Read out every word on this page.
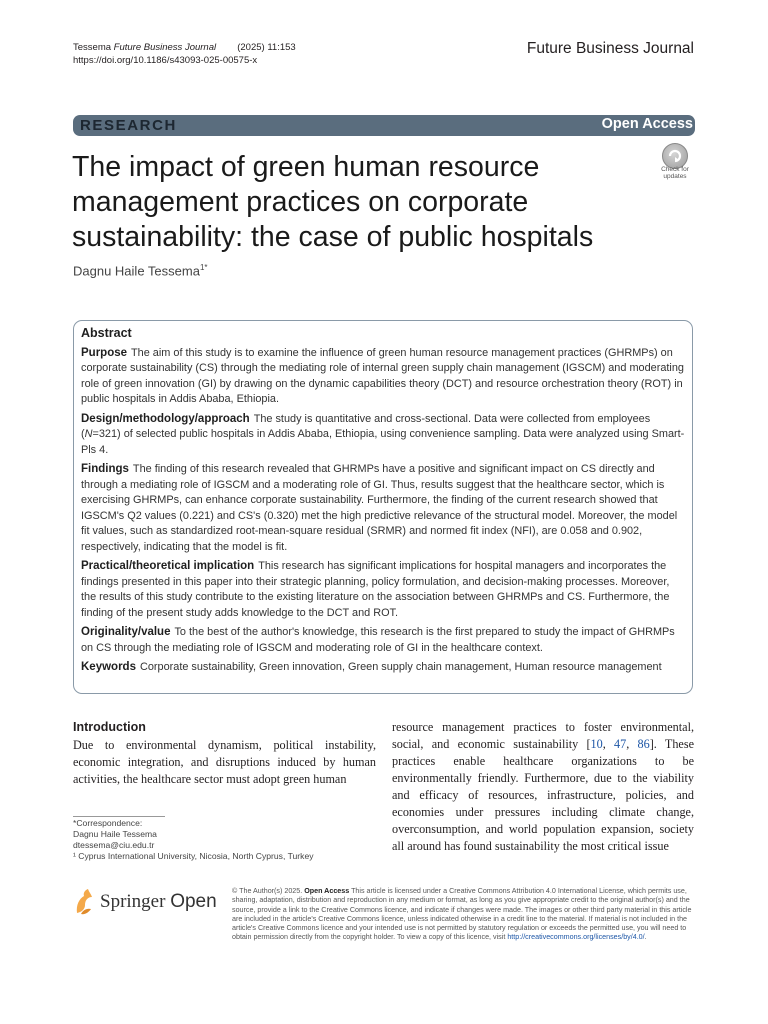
Tessema Future Business Journal (2025) 11:153
https://doi.org/10.1186/s43093-025-00575-x
Future Business Journal
RESEARCH	Open Access
Check for
updates
The impact of green human resource management practices on corporate sustainability: the case of public hospitals
Dagnu Haile Tessema$^{1*}$
Abstract

Purpose The aim of this study is to examine the influence of green human resource management practices (GHRMPs) on corporate sustainability (CS) through the mediating role of internal green supply chain management (IGSCM) and moderating role of green innovation (GI) by drawing on the dynamic capabilities theory (DCT) and resource orchestration theory (ROT) in public hospitals in Addis Ababa, Ethiopia.

Design/methodology/approach The study is quantitative and cross-sectional. Data were collected from employees (N=321) of selected public hospitals in Addis Ababa, Ethiopia, using convenience sampling. Data were analyzed using Smart-Pls 4.

Findings The finding of this research revealed that GHRMPs have a positive and significant impact on CS directly and through a mediating role of IGSCM and a moderating role of GI. Thus, results suggest that the healthcare sector, which is exercising GHRMPs, can enhance corporate sustainability. Furthermore, the finding of the current research showed that IGSCM's Q2 values (0.221) and CS's (0.320) met the high predictive relevance of the structural model. Moreover, the model fit values, such as standardized root-mean-square residual (SRMR) and normed fit index (NFI), are 0.058 and 0.902, respectively, indicating that the model is fit.

Practical/theoretical implication This research has significant implications for hospital managers and incorporates the findings presented in this paper into their strategic planning, policy formulation, and decision-making processes. Moreover, the results of this study contribute to the existing literature on the association between GHRMPs and CS. Furthermore, the finding of the present study adds knowledge to the DCT and ROT.

Originality/value To the best of the author's knowledge, this research is the first prepared to study the impact of GHRMPs on CS through the mediating role of IGSCM and moderating role of GI in the healthcare context.

Keywords Corporate sustainability, Green innovation, Green supply chain management, Human resource management

Introduction
Due to environmental dynamism, political instability, economic integration, and disruptions induced by human activities, the healthcare sector must adopt green human
resource management practices to foster environmental, social, and economic sustainability [10, 47, 86]. These practices enable healthcare organizations to be environmentally friendly. Furthermore, due to the viability and efficacy of resources, infrastructure, policies, and economies under pressures including climate change, overconsumption, and world population expansion, society all around has found sustainability the most critical issue
*Correspondence:
Dagnu Haile Tessema
dtessema@ciu.edu.tr
¹ Cyprus International University, Nicosia, North Cyprus, Turkey
Springer Open © The Author(s) 2025. Open Access This article is licensed under a Creative Commons Attribution 4.0 International License, which permits use, sharing, adaptation, distribution and reproduction in any medium or format, as long as you give appropriate credit to the original author(s) and the source, provide a link to the Creative Commons licence, and indicate if changes were made. The images or other third party material in this article are included in the article's Creative Commons licence, unless indicated otherwise in a credit line to the material. If material is not included in the article's Creative Commons licence and your intended use is not permitted by statutory regulation or exceeds the permitted use, you will need to obtain permission directly from the copyright holder. To view a copy of this licence, visit http://creativecommons.org/licenses/by/4.0/.
